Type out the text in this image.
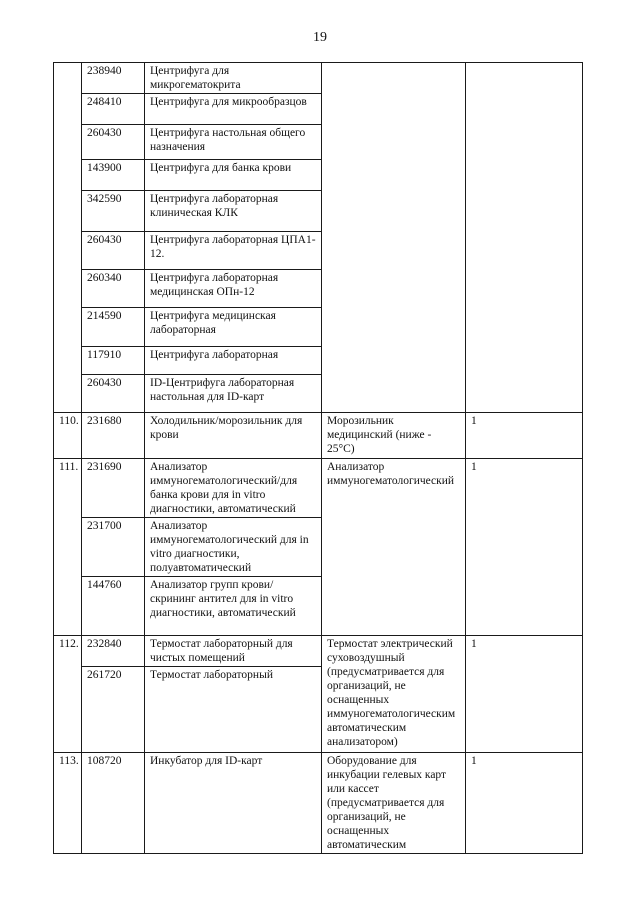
19
	238940	Центрифуга для микрогематокрита		
	248410	Центрифуга для микрообразцов		
	260430	Центрифуга настольная общего назначения		
	143900	Центрифуга для банка крови		
	342590	Центрифуга лабораторная клиническая КЛК		
	260430	Центрифуга лабораторная ЦПА1-12.		
	260340	Центрифуга лабораторная медицинская ОПн-12		
	214590	Центрифуга медицинская лабораторная		
	117910	Центрифуга лабораторная		
	260430	ID-Центрифуга лабораторная настольная для ID-карт		
110.	231680	Холодильник/морозильник для крови	Морозильник медицинский (ниже - 25°С)	1
111.	231690	Анализатор иммуногематологический/для банка крови для in vitro диагностики, автоматический	Анализатор иммуногематологический	1
	231700	Анализатор иммуногематологический для in vitro диагностики, полуавтоматический		
	144760	Анализатор групп крови/скрининг антител для in vitro диагностики, автоматический		
112.	232840	Термостат лабораторный для чистых помещений	Термостат электрический суховоздушный (предусматривается для организаций, не оснащенных иммуногематологическим автоматическим анализатором)	1
	261720	Термостат лабораторный		
113.	108720	Инкубатор для ID-карт	Оборудование для инкубации гелевых карт или кассет (предусматривается для организаций, не оснащенных автоматическим	1
